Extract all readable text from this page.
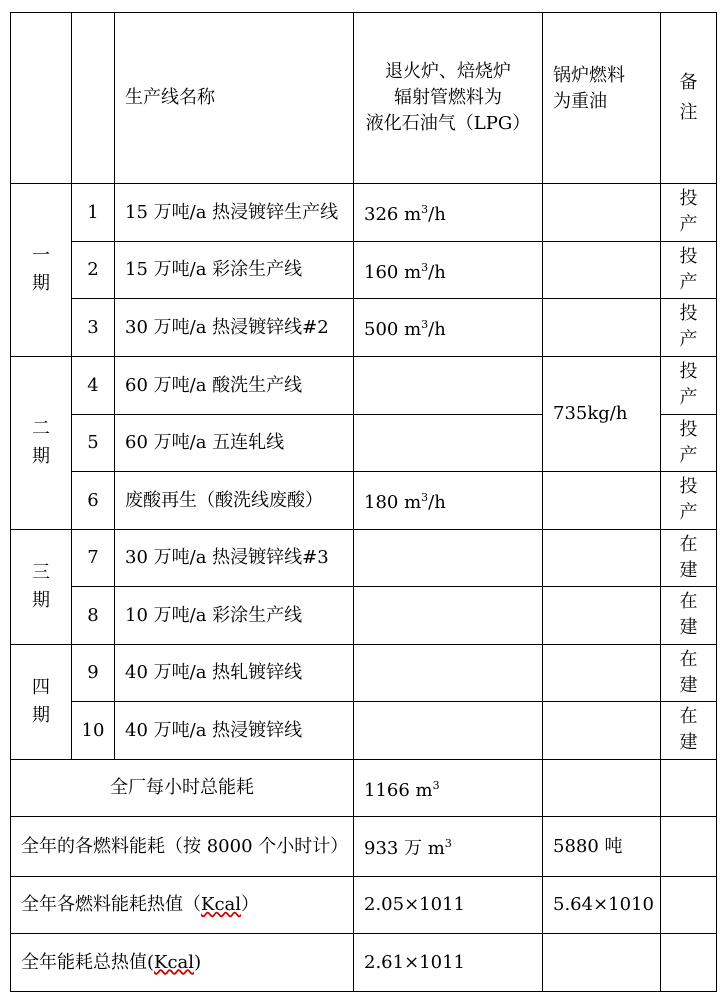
		生产线名称	退火炉、焙烧炉
辐射管燃料为
液化石油气（LPG）	锅炉燃料
为重油	备
注
一
期	1	15 万吨/a 热浸镀锌生产线	326 $m^3/h$		投
产
	2	15 万吨/a 彩涂生产线	160 $m^3/h$		投
产
	3	30 万吨/a 热浸镀锌线#2	500 $m^3/h$		投
产
二
期	4	60 万吨/a 酸洗生产线		735kg/h	投
产
	5	60 万吨/a 五连轧线			投
产
	6	废酸再生（酸洗线废酸）	180 $m^3/h$		投
产
三
期	7	30 万吨/a 热浸镀锌线#3			在
建
	8	10 万吨/a 彩涂生产线			在
建
四
期	9	40 万吨/a 热轧镀锌线			在
建
	10	40 万吨/a 热浸镀锌线			在
建
全厂每小时总能耗			1166 $m^3$		
全年的各燃料能耗（按 8000 个小时计）			933 万 $m^3$	5880 吨	
全年各燃料能耗热值（Kcal）			2.05×1011	5.64×1010	
全年能耗总热值(Kcal)			2.61×1011		
